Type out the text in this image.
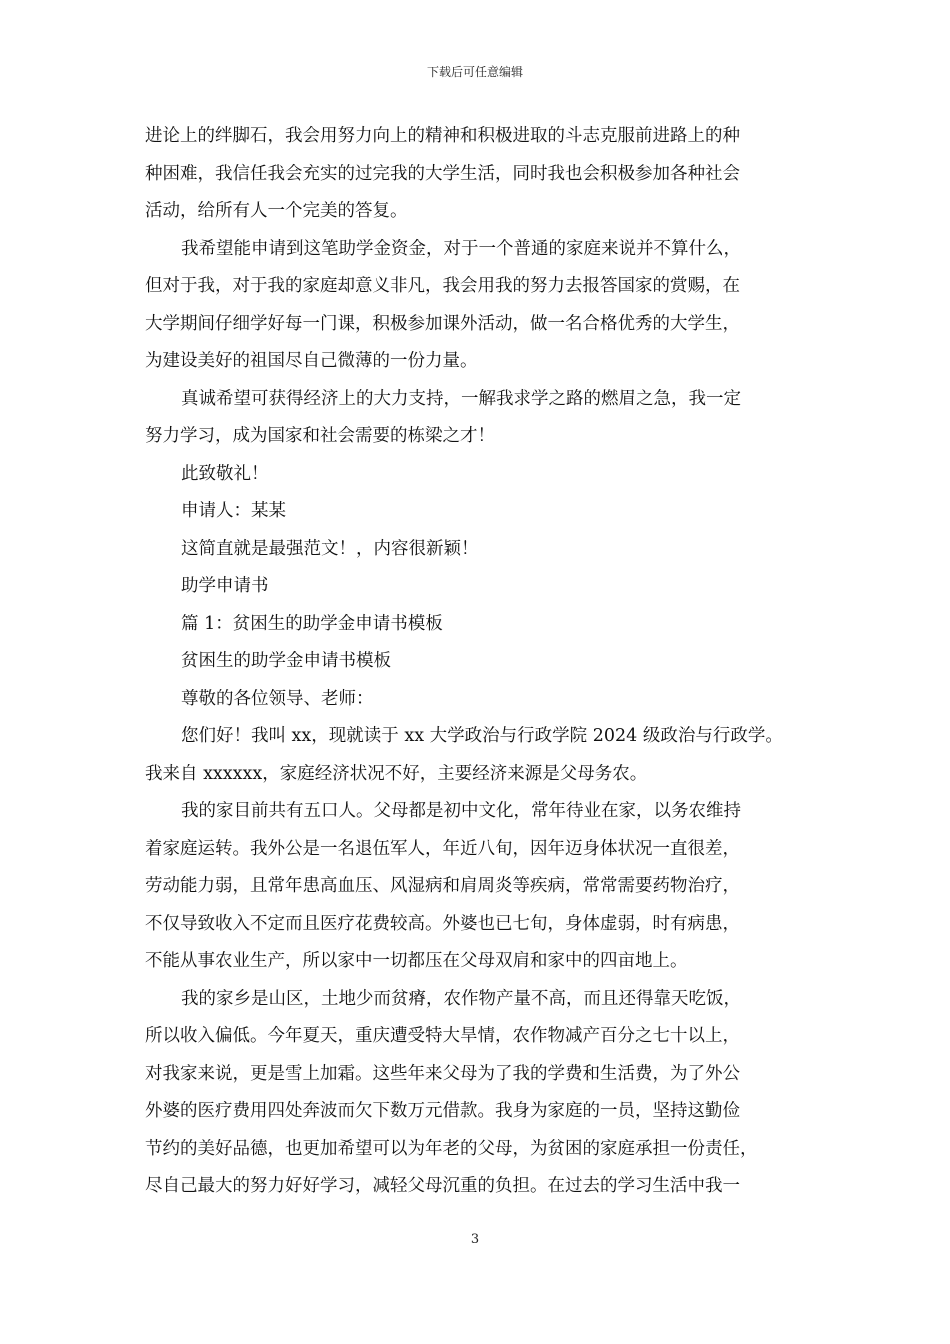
下载后可任意编辑
进论上的绊脚石，我会用努力向上的精神和积极进取的斗志克服前进路上的种
种困难，我信任我会充实的过完我的大学生活，同时我也会积极参加各种社会
活动，给所有人一个完美的答复。
我希望能申请到这笔助学金资金，对于一个普通的家庭来说并不算什么，
但对于我，对于我的家庭却意义非凡，我会用我的努力去报答国家的赏赐，在
大学期间仔细学好每一门课，积极参加课外活动，做一名合格优秀的大学生，
为建设美好的祖国尽自己微薄的一份力量。
真诚希望可获得经济上的大力支持，一解我求学之路的燃眉之急，我一定
努力学习，成为国家和社会需要的栋梁之才！
此致敬礼！
申请人：某某
这简直就是最强范文！，内容很新颖！
助学申请书
篇 1：贫困生的助学金申请书模板
贫困生的助学金申请书模板
尊敬的各位领导、老师：
您们好！我叫 xx，现就读于 xx 大学政治与行政学院 2024 级政治与行政学。
我来自 xxxxxx，家庭经济状况不好，主要经济来源是父母务农。
我的家目前共有五口人。父母都是初中文化，常年待业在家，以务农维持
着家庭运转。我外公是一名退伍军人，年近八旬，因年迈身体状况一直很差，
劳动能力弱，且常年患高血压、风湿病和肩周炎等疾病，常常需要药物治疗，
不仅导致收入不定而且医疗花费较高。外婆也已七旬，身体虚弱，时有病患，
不能从事农业生产，所以家中一切都压在父母双肩和家中的四亩地上。
我的家乡是山区，土地少而贫瘠，农作物产量不高，而且还得靠天吃饭，
所以收入偏低。今年夏天，重庆遭受特大旱情，农作物减产百分之七十以上，
对我家来说，更是雪上加霜。这些年来父母为了我的学费和生活费，为了外公
外婆的医疗费用四处奔波而欠下数万元借款。我身为家庭的一员，坚持这勤俭
节约的美好品德，也更加希望可以为年老的父母，为贫困的家庭承担一份责任，
尽自己最大的努力好好学习，减轻父母沉重的负担。在过去的学习生活中我一
3
